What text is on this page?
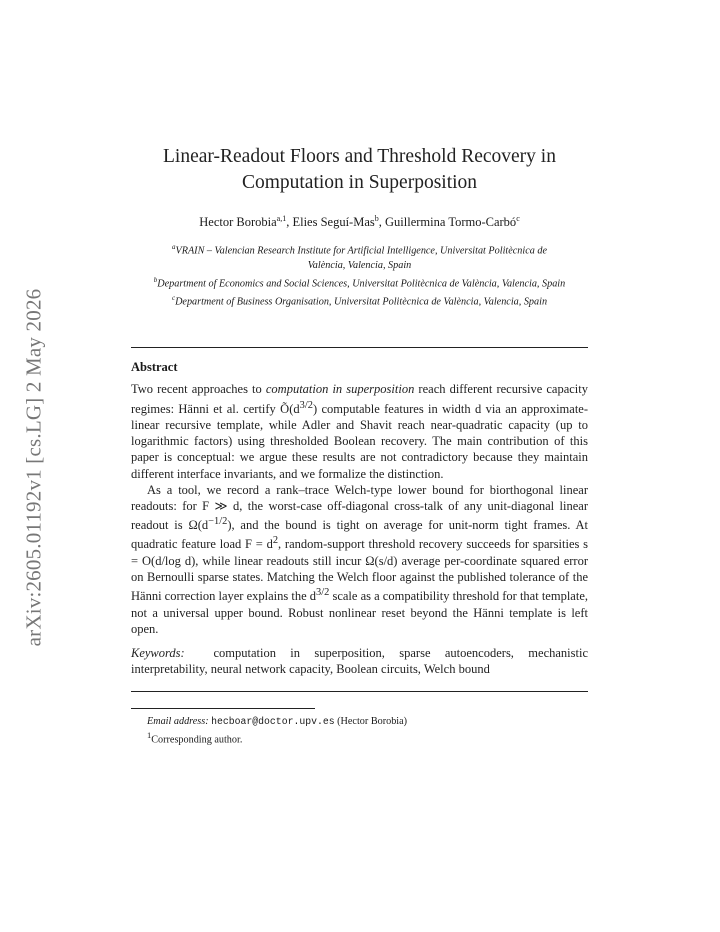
arXiv:2605.01192v1 [cs.LG] 2 May 2026
Linear-Readout Floors and Threshold Recovery in
Computation in Superposition
Hector Borobia$^{a,1}$, Elies Seguí-Mas$^b$, Guillermina Tormo-Carbó$^c$
$^a$VRAIN – Valencian Research Institute for Artificial Intelligence, Universitat Politècnica de València, Valencia, Spain
$^b$Department of Economics and Social Sciences, Universitat Politècnica de València, Valencia, Spain
$^c$Department of Business Organisation, Universitat Politècnica de València, Valencia, Spain
Abstract

Two recent approaches to computation in superposition reach different recursive capacity regimes: Hänni et al. certify $Õ(d^{3/2})$ computable features in width d via an approximate-linear recursive template, while Adler and Shavit reach near-quadratic capacity (up to logarithmic factors) using thresholded Boolean recovery. The main contribution of this paper is conceptual: we argue these results are not contradictory because they maintain different interface invariants, and we formalize the distinction.

As a tool, we record a rank–trace Welch-type lower bound for biorthogonal linear readouts: for F ≫ d, the worst-case off-diagonal cross-talk of any unit-diagonal linear readout is $\Omega(d^{-1/2})$, and the bound is tight on average for unit-norm tight frames. At quadratic feature load $F = d^2$, random-support threshold recovery succeeds for sparsities s = O(d/log d), while linear readouts still incur Ω(s/d) average per-coordinate squared error on Bernoulli sparse states. Matching the Welch floor against the published tolerance of the Hänni correction layer explains the $d^{3/2}$ scale as a compatibility threshold for that template, not a universal upper bound. Robust nonlinear reset beyond the Hänni template is left open.

Keywords: computation in superposition, sparse autoencoders, mechanistic interpretability, neural network capacity, Boolean circuits, Welch bound

Email address: hecboar@doctor.upv.es (Hector Borobia)
$^1$Corresponding author.
